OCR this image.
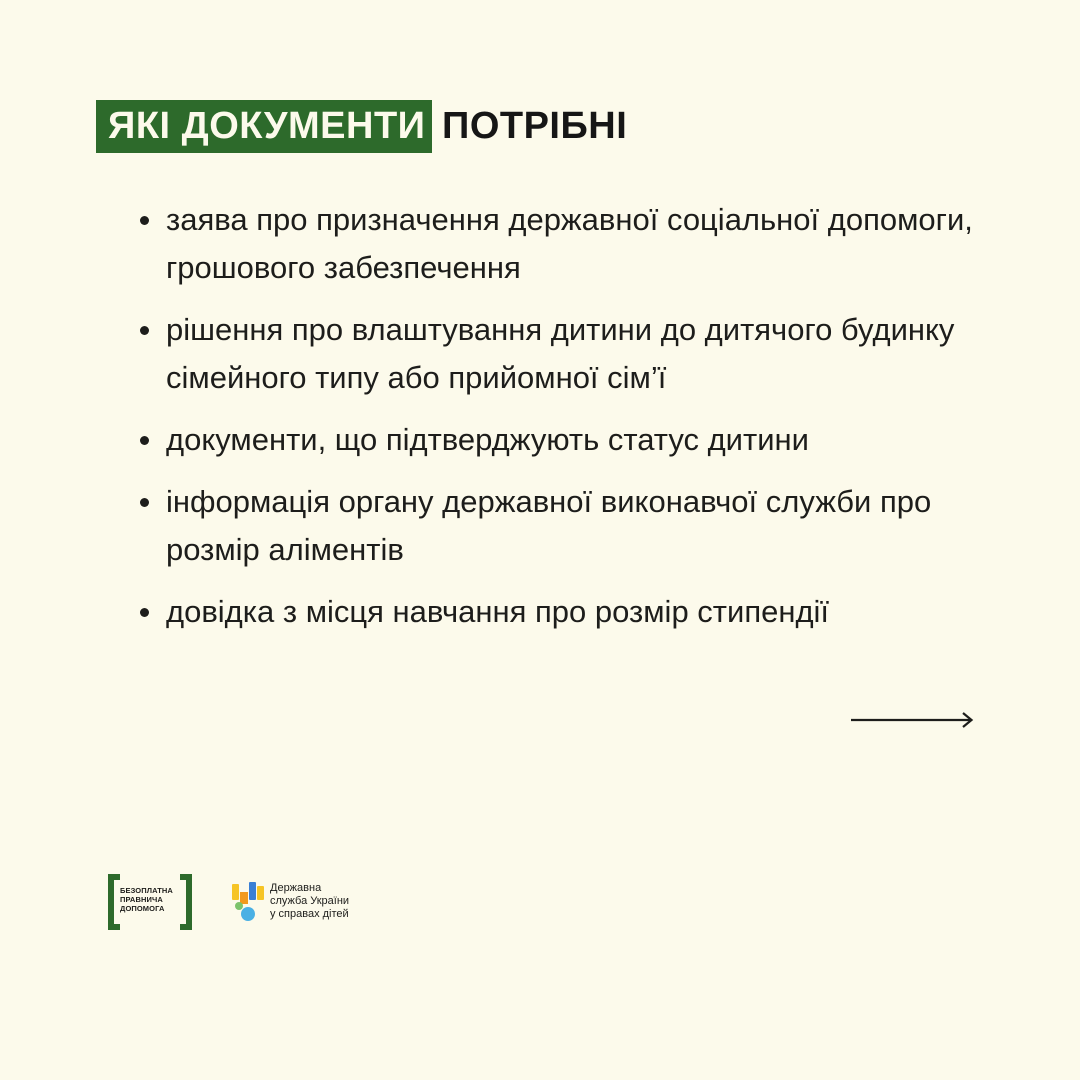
ЯКІ ДОКУМЕНТИ ПОТРІБНІ
заява про призначення державної соціальної допомоги, грошового забезпечення
рішення про влаштування дитини до дитячого будинку сімейного типу або прийомної сім’ї
документи, що підтверджують статус дитини
інформація органу державної виконавчої служби про розмір аліментів
довідка з місця навчання про розмір стипендії
БЕЗОПЛАТНА
ПРАВНИЧА
ДОПОМОГА
Державна
служба України
у справах дітей
